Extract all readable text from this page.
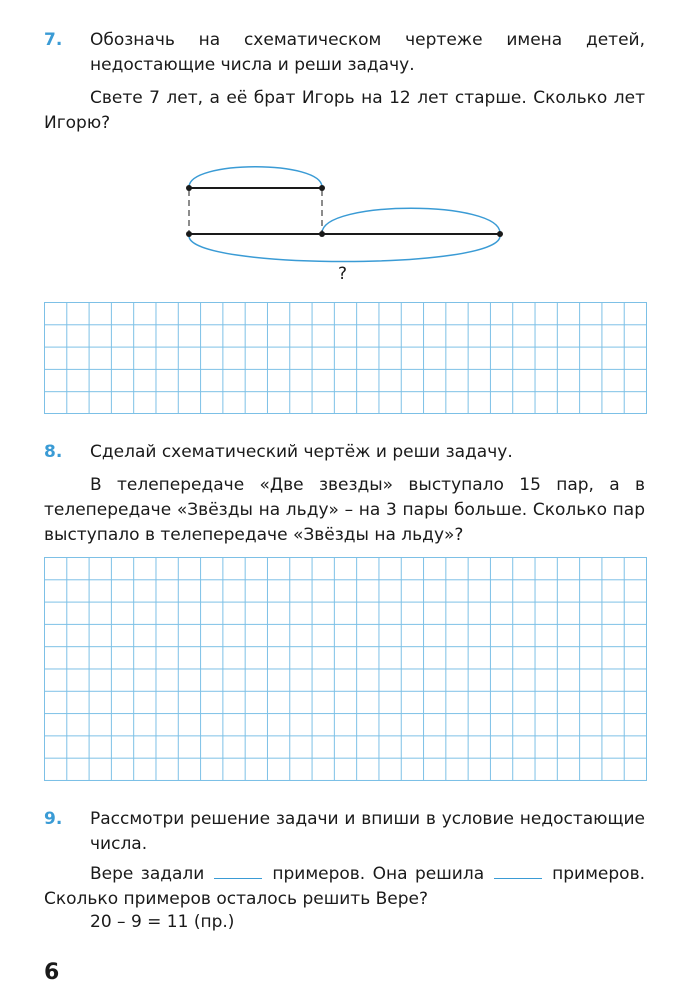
7. Обозначь на схематическом чертеже имена детей, недостающие числа и реши задачу.
Свете 7 лет, а её брат Игорь на 12 лет старше. Сколько лет Игорю?
?
8. Сделай схематический чертёж и реши задачу.
В телепередаче «Две звезды» выступало 15 пар, а в телепередаче «Звёзды на льду» – на 3 пары больше. Сколько пар выступало в телепередаче «Звёзды на льду»?
9. Рассмотри решение задачи и впиши в условие недостающие числа.
Вере задали	примеров. Она решила	примеров. Сколько примеров осталось решить Вере?
20 – 9 = 11 (пр.)
6
